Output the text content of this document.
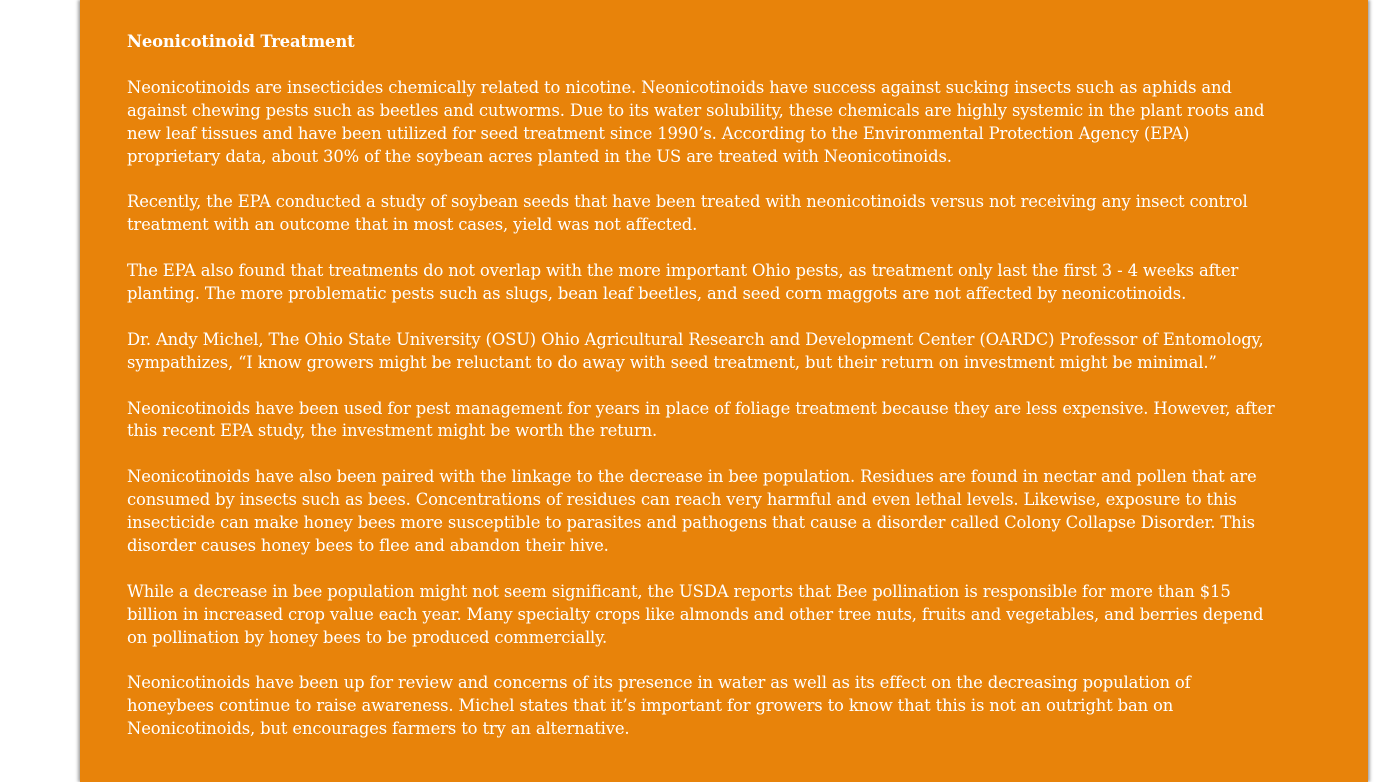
Neonicotinoid Treatment

Neonicotinoids are insecticides chemically related to nicotine. Neonicotinoids have success against sucking insects such as aphids and against chewing pests such as beetles and cutworms. Due to its water solubility, these chemicals are highly systemic in the plant roots and new leaf tissues and have been utilized for seed treatment since 1990’s. According to the Environmental Protection Agency (EPA) proprietary data, about 30% of the soybean acres planted in the US are treated with Neonicotinoids.

Recently, the EPA conducted a study of soybean seeds that have been treated with neonicotinoids versus not receiving any insect control treatment with an outcome that in most cases, yield was not affected.

The EPA also found that treatments do not overlap with the more important Ohio pests, as treatment only last the first 3 - 4 weeks after planting. The more problematic pests such as slugs, bean leaf beetles, and seed corn maggots are not affected by neonicotinoids.

Dr. Andy Michel, The Ohio State University (OSU) Ohio Agricultural Research and Development Center (OARDC) Professor of Entomology, sympathizes, “I know growers might be reluctant to do away with seed treatment, but their return on investment might be minimal.”

Neonicotinoids have been used for pest management for years in place of foliage treatment because they are less expensive. However, after this recent EPA study, the investment might be worth the return.

Neonicotinoids have also been paired with the linkage to the decrease in bee population. Residues are found in nectar and pollen that are consumed by insects such as bees. Concentrations of residues can reach very harmful and even lethal levels. Likewise, exposure to this insecticide can make honey bees more susceptible to parasites and pathogens that cause a disorder called Colony Collapse Disorder. This disorder causes honey bees to flee and abandon their hive.

While a decrease in bee population might not seem significant, the USDA reports that Bee pollination is responsible for more than $15 billion in increased crop value each year. Many specialty crops like almonds and other tree nuts, fruits and vegetables, and berries depend on pollination by honey bees to be produced commercially.

Neonicotinoids have been up for review and concerns of its presence in water as well as its effect on the decreasing population of honeybees continue to raise awareness. Michel states that it’s important for growers to know that this is not an outright ban on Neonicotinoids, but encourages farmers to try an alternative.
